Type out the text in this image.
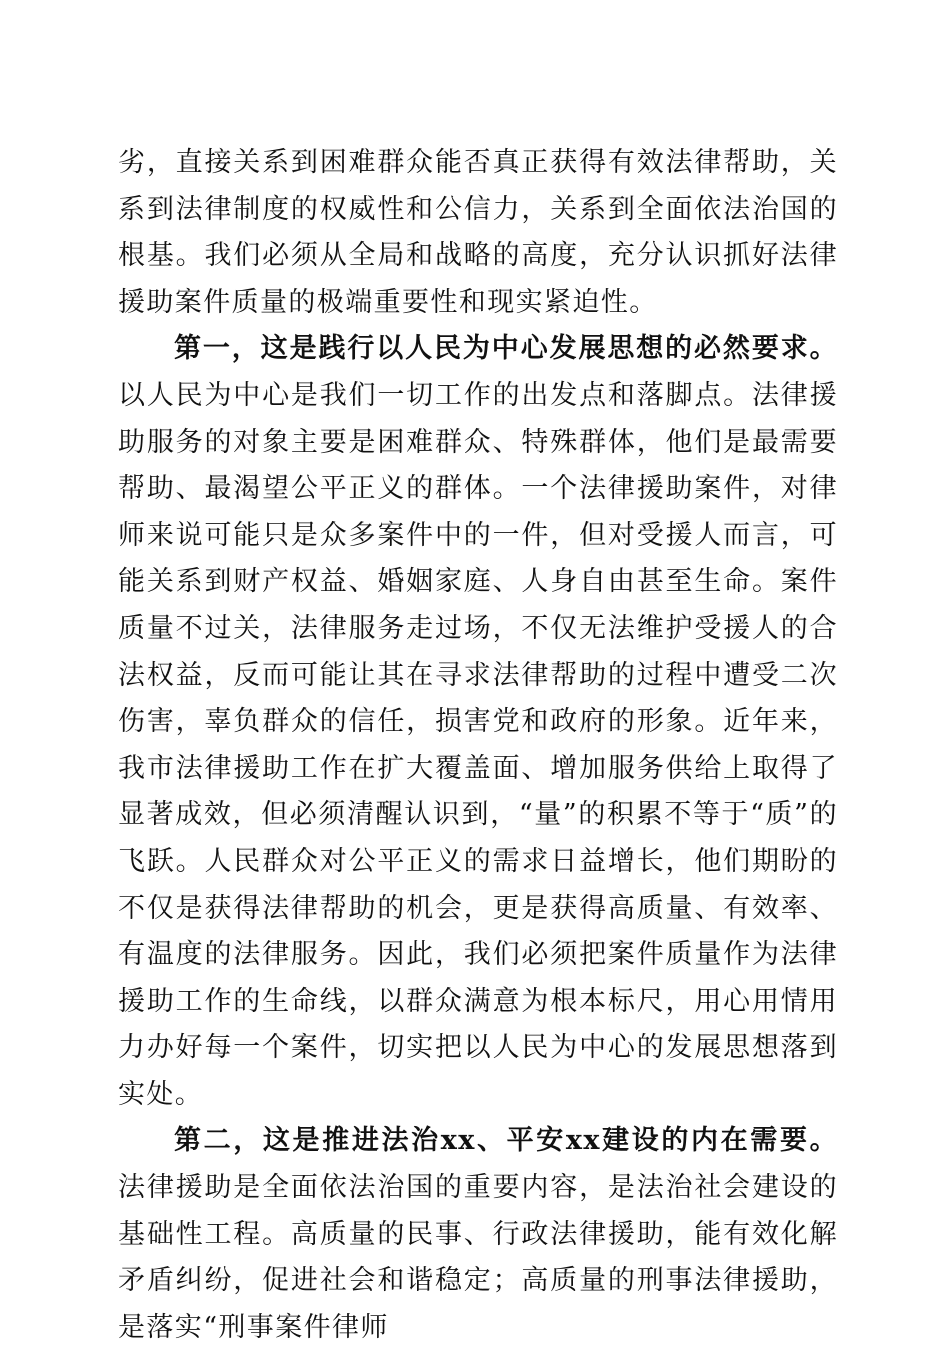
劣，直接关系到困难群众能否真正获得有效法律帮助，关系到法律制度的权威性和公信力，关系到全面依法治国的根基。我们必须从全局和战略的高度，充分认识抓好法律援助案件质量的极端重要性和现实紧迫性。

第一，这是践行以人民为中心发展思想的必然要求。以人民为中心是我们一切工作的出发点和落脚点。法律援助服务的对象主要是困难群众、特殊群体，他们是最需要帮助、最渴望公平正义的群体。一个法律援助案件，对律师来说可能只是众多案件中的一件，但对受援人而言，可能关系到财产权益、婚姻家庭、人身自由甚至生命。案件质量不过关，法律服务走过场，不仅无法维护受援人的合法权益，反而可能让其在寻求法律帮助的过程中遭受二次伤害，辜负群众的信任，损害党和政府的形象。近年来，我市法律援助工作在扩大覆盖面、增加服务供给上取得了显著成效，但必须清醒认识到，“量”的积累不等于“质”的飞跃。人民群众对公平正义的需求日益增长，他们期盼的不仅是获得法律帮助的机会，更是获得高质量、有效率、有温度的法律服务。因此，我们必须把案件质量作为法律援助工作的生命线，以群众满意为根本标尺，用心用情用力办好每一个案件，切实把以人民为中心的发展思想落到实处。

第二，这是推进法治xx、平安xx建设的内在需要。法律援助是全面依法治国的重要内容，是法治社会建设的基础性工程。高质量的民事、行政法律援助，能有效化解矛盾纠纷，促进社会和谐稳定；高质量的刑事法律援助，是落实“刑事案件律师
